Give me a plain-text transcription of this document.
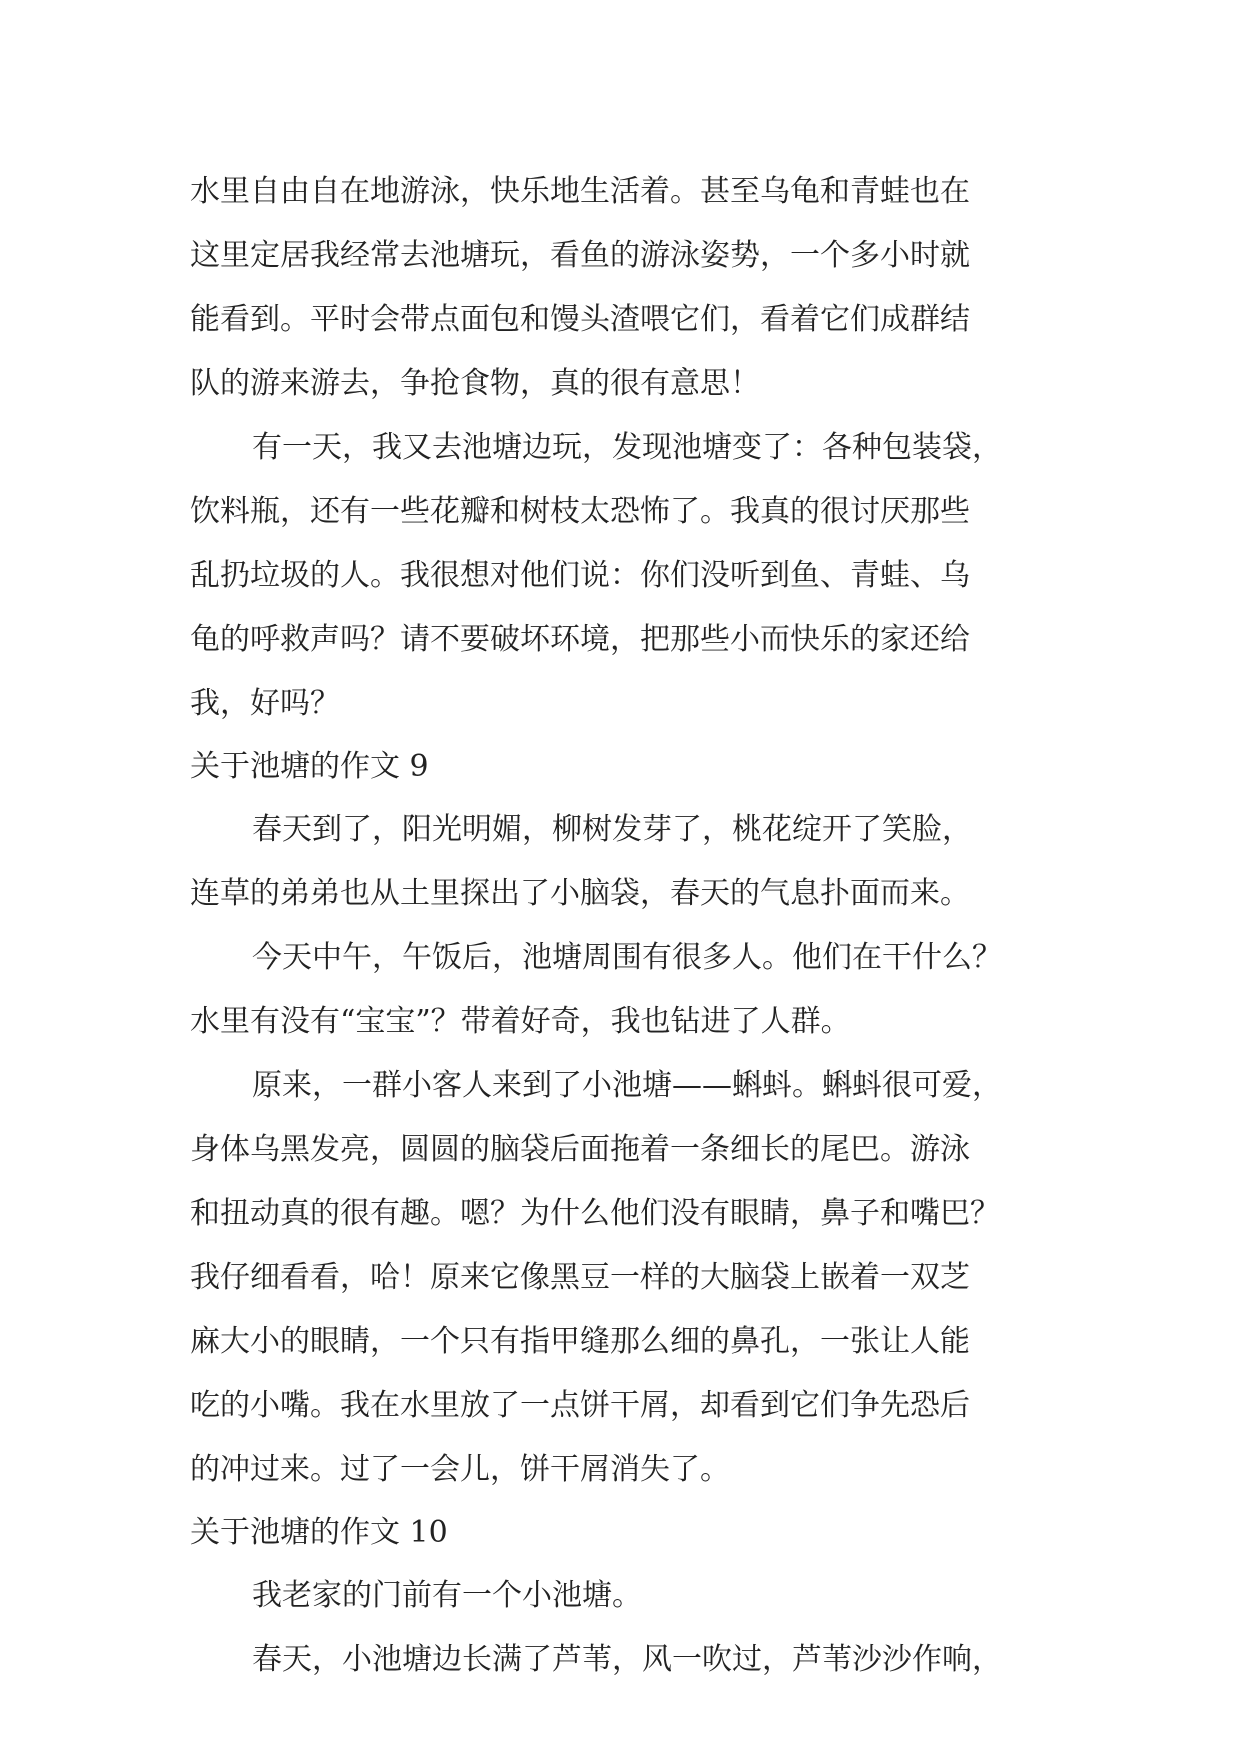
水里自由自在地游泳，快乐地生活着。甚至乌龟和青蛙也在
这里定居我经常去池塘玩，看鱼的游泳姿势，一个多小时就
能看到。平时会带点面包和馒头渣喂它们，看着它们成群结
队的游来游去，争抢食物，真的很有意思！
有一天，我又去池塘边玩，发现池塘变了：各种包装袋，
饮料瓶，还有一些花瓣和树枝太恐怖了。我真的很讨厌那些
乱扔垃圾的人。我很想对他们说：你们没听到鱼、青蛙、乌
龟的呼救声吗？请不要破坏环境，把那些小而快乐的家还给
我，好吗？
关于池塘的作文 9
春天到了，阳光明媚，柳树发芽了，桃花绽开了笑脸，
连草的弟弟也从土里探出了小脑袋，春天的气息扑面而来。
今天中午，午饭后，池塘周围有很多人。他们在干什么？
水里有没有“宝宝”？带着好奇，我也钻进了人群。
原来，一群小客人来到了小池塘——蝌蚪。蝌蚪很可爱，
身体乌黑发亮，圆圆的脑袋后面拖着一条细长的尾巴。游泳
和扭动真的很有趣。嗯？为什么他们没有眼睛，鼻子和嘴巴？
我仔细看看，哈！原来它像黑豆一样的大脑袋上嵌着一双芝
麻大小的眼睛，一个只有指甲缝那么细的鼻孔，一张让人能
吃的小嘴。我在水里放了一点饼干屑，却看到它们争先恐后
的冲过来。过了一会儿，饼干屑消失了。
关于池塘的作文 10
我老家的门前有一个小池塘。
春天，小池塘边长满了芦苇，风一吹过，芦苇沙沙作响，
